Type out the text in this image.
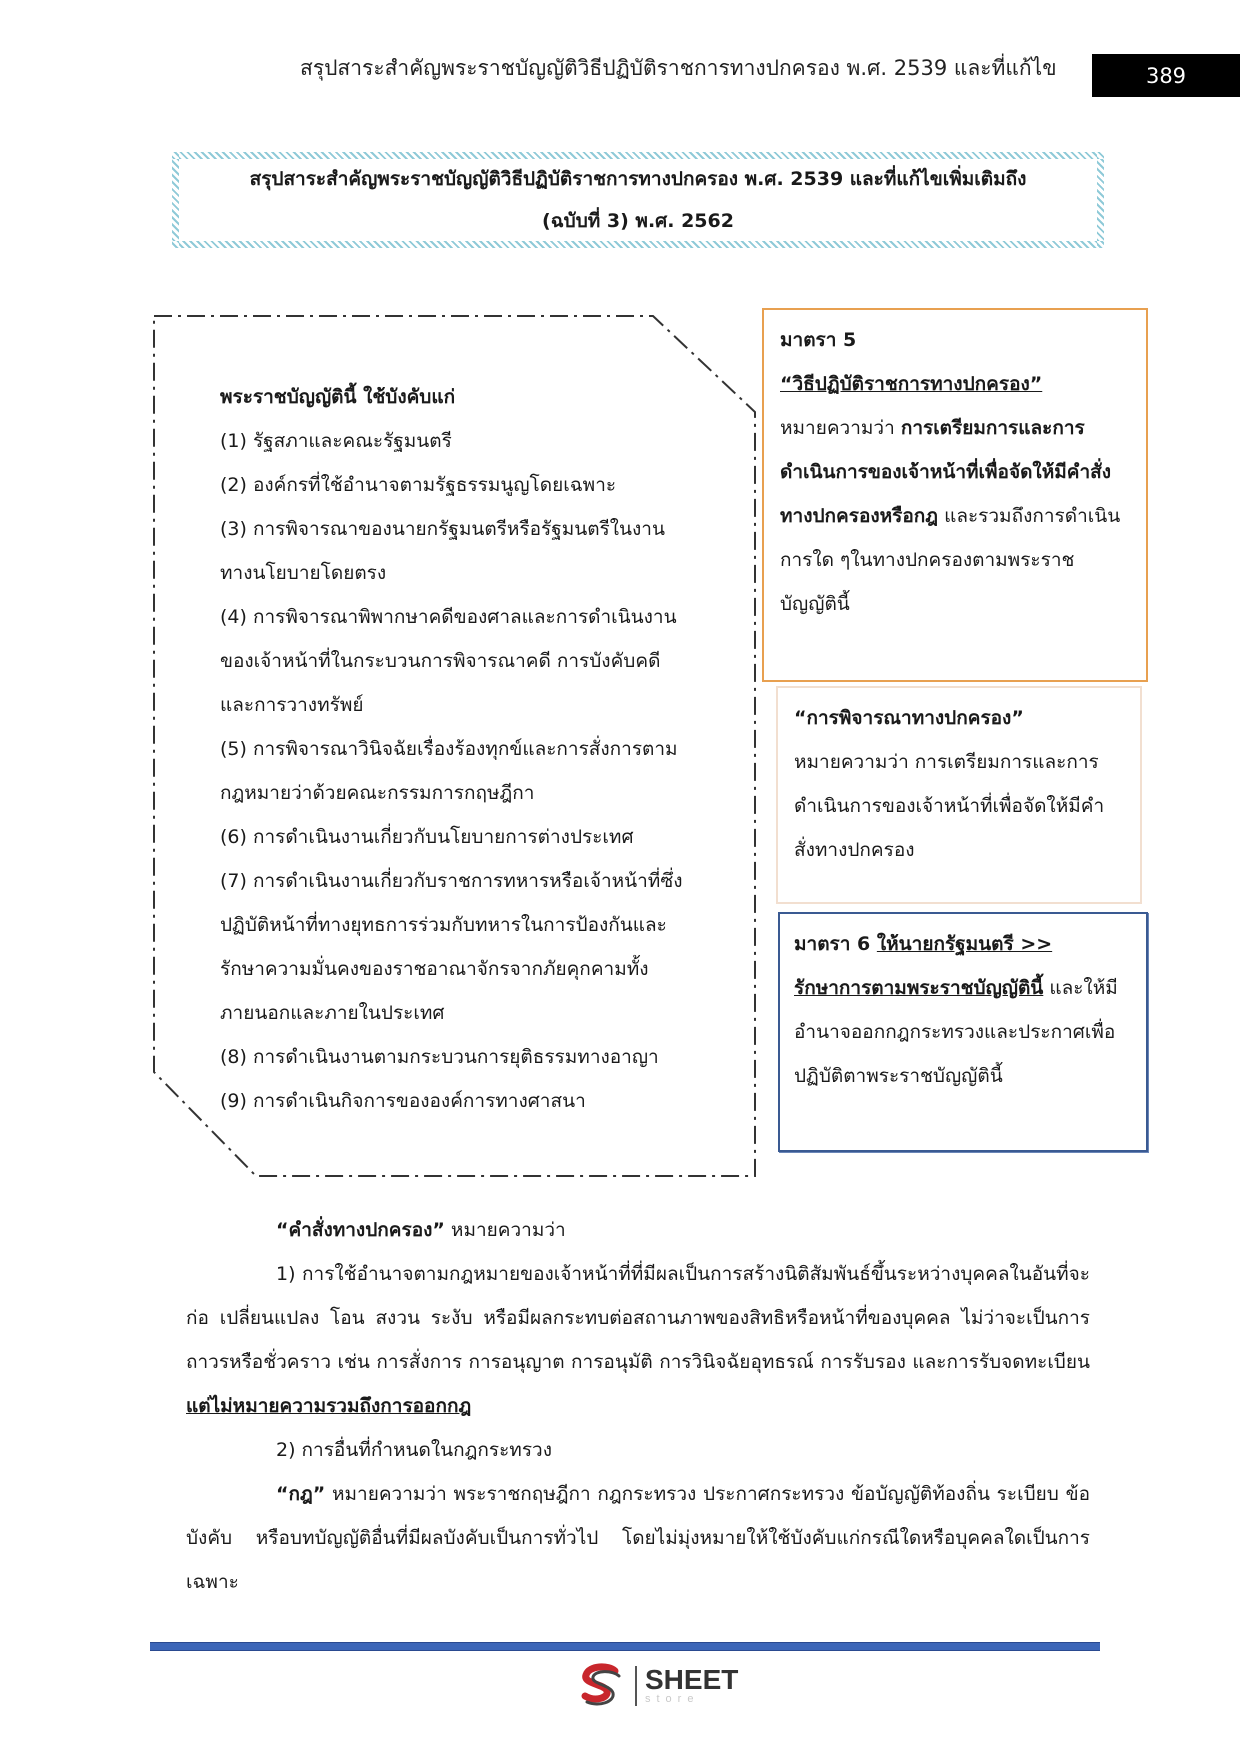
สรุปสาระสำคัญพระราชบัญญัติวิธีปฏิบัติราชการทางปกครอง พ.ศ. 2539 และที่แก้ไข	389
สรุปสาระสำคัญพระราชบัญญัติวิธีปฏิบัติราชการทางปกครอง พ.ศ. 2539 และที่แก้ไขเพิ่มเติมถึง
(ฉบับที่ 3) พ.ศ. 2562

พระราชบัญญัตินี้ ใช้บังคับแก่

(1) รัฐสภาและคณะรัฐมนตรี

(2) องค์กรที่ใช้อำนาจตามรัฐธรรมนูญโดยเฉพาะ

(3) การพิจารณาของนายกรัฐมนตรีหรือรัฐมนตรีในงานทางนโยบายโดยตรง

(4) การพิจารณาพิพากษาคดีของศาลและการดำเนินงานของเจ้าหน้าที่ในกระบวนการพิจารณาคดี การบังคับคดี และการวางทรัพย์

(5) การพิจารณาวินิจฉัยเรื่องร้องทุกข์และการสั่งการตามกฎหมายว่าด้วยคณะกรรมการกฤษฎีกา

(6) การดำเนินงานเกี่ยวกับนโยบายการต่างประเทศ

(7) การดำเนินงานเกี่ยวกับราชการทหารหรือเจ้าหน้าที่ซึ่งปฏิบัติหน้าที่ทางยุทธการร่วมกับทหารในการป้องกันและรักษาความมั่นคงของราชอาณาจักรจากภัยคุกคามทั้งภายนอกและภายในประเทศ

(8) การดำเนินงานตามกระบวนการยุติธรรมทางอาญา

(9) การดำเนินกิจการขององค์การทางศาสนา

มาตรา 5
“วิธีปฏิบัติราชการทางปกครอง”
หมายความว่า การเตรียมการและการดำเนินการของเจ้าหน้าที่เพื่อจัดให้มีคำสั่งทางปกครองหรือกฎ และรวมถึงการดำเนินการใด ๆในทางปกครองตามพระราชบัญญัตินี้
“การพิจารณาทางปกครอง”
หมายความว่า การเตรียมการและการดำเนินการของเจ้าหน้าที่เพื่อจัดให้มีคำสั่งทางปกครอง
มาตรา 6 ให้นายกรัฐมนตรี >>
รักษาการตามพระราชบัญญัตินี้ และให้มีอำนาจออกกฎกระทรวงและประกาศเพื่อปฏิบัติตาพระราชบัญญัตินี้

“คำสั่งทางปกครอง” หมายความว่า

1) การใช้อำนาจตามกฎหมายของเจ้าหน้าที่ที่มีผลเป็นการสร้างนิติสัมพันธ์ขึ้นระหว่างบุคคลในอันที่จะก่อ เปลี่ยนแปลง โอน สงวน ระงับ หรือมีผลกระทบต่อสถานภาพของสิทธิหรือหน้าที่ของบุคคล ไม่ว่าจะเป็นการถาวรหรือชั่วคราว เช่น การสั่งการ การอนุญาต การอนุมัติ การวินิจฉัยอุทธรณ์ การรับรอง และการรับจดทะเบียน แต่ไม่หมายความรวมถึงการออกกฎ

2) การอื่นที่กำหนดในกฎกระทรวง

“กฎ” หมายความว่า พระราชกฤษฎีกา กฎกระทรวง ประกาศกระทรวง ข้อบัญญัติท้องถิ่น ระเบียบ ข้อบังคับ หรือบทบัญญัติอื่นที่มีผลบังคับเป็นการทั่วไป โดยไม่มุ่งหมายให้ใช้บังคับแก่กรณีใดหรือบุคคลใดเป็นการเฉพาะ

SHEET
store
